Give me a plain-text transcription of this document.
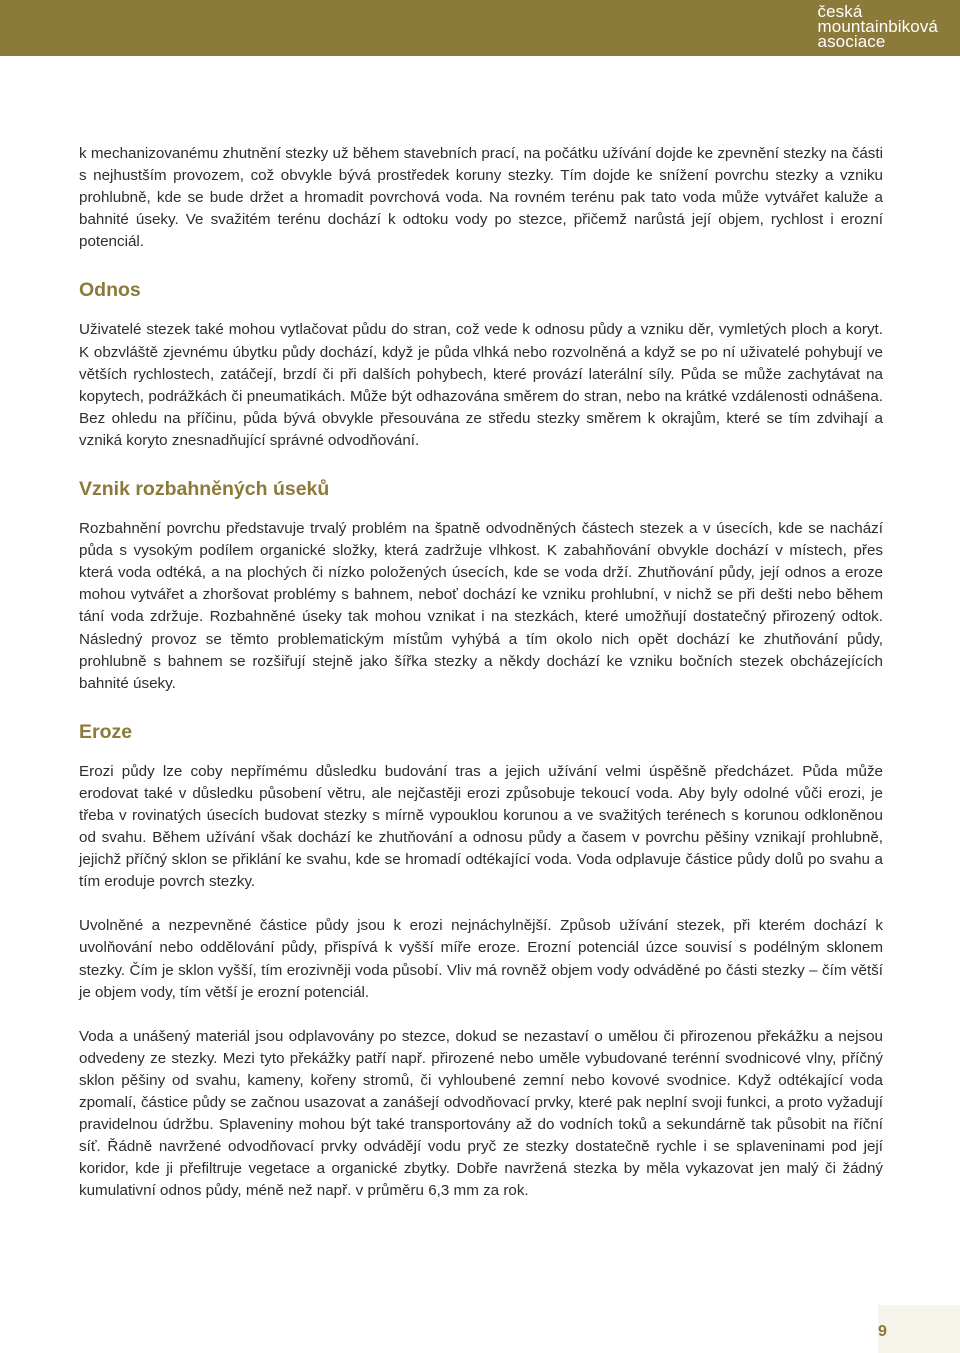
česká
mountainbiková
asociace

k mechanizovanému zhutnění stezky už během stavebních prací, na počátku užívání dojde ke zpevnění stezky na části s nejhustším provozem, což obvykle bývá prostředek koruny stezky. Tím dojde ke snížení povrchu stezky a vzniku prohlubně, kde se bude držet a hromadit povrchová voda. Na rovném terénu pak tato voda může vytvářet kaluže a bahnité úseky. Ve svažitém terénu dochází k odtoku vody po stezce, přičemž narůstá její objem, rychlost i erozní potenciál.

Odnos

Uživatelé stezek také mohou vytlačovat půdu do stran, což vede k odnosu půdy a vzniku děr, vymletých ploch a koryt. K obzvláště zjevnému úbytku půdy dochází, když je půda vlhká nebo rozvolněná a když se po ní uživatelé pohybují ve větších rychlostech, zatáčejí, brzdí či při dalších pohybech, které provází laterální síly. Půda se může zachytávat na kopytech, podrážkách či pneumatikách. Může být odhazována směrem do stran, nebo na krátké vzdálenosti odnášena. Bez ohledu na příčinu, půda bývá obvykle přesouvána ze středu stezky směrem k okrajům, které se tím zdvihají a vzniká koryto znesnadňující správné odvodňování.

Vznik rozbahněných úseků

Rozbahnění povrchu představuje trvalý problém na špatně odvodněných částech stezek a v úsecích, kde se nachází půda s vysokým podílem organické složky, která zadržuje vlhkost. K zabahňování obvykle dochází v místech, přes která voda odtéká, a na plochých či nízko položených úsecích, kde se voda drží. Zhutňování půdy, její odnos a eroze mohou vytvářet a zhoršovat problémy s bahnem, neboť dochází ke vzniku prohlubní, v nichž se při dešti nebo během tání voda zdržuje. Rozbahněné úseky tak mohou vznikat i na stezkách, které umožňují dostatečný přirozený odtok. Následný provoz se těmto problematickým místům vyhýbá a tím okolo nich opět dochází ke zhutňování půdy, prohlubně s bahnem se rozšiřují stejně jako šířka stezky a někdy dochází ke vzniku bočních stezek obcházejících bahnité úseky.

Eroze

Erozi půdy lze coby nepřímému důsledku budování tras a jejich užívání velmi úspěšně předcházet. Půda může erodovat také v důsledku působení větru, ale nejčastěji erozi způsobuje tekoucí voda. Aby byly odolné vůči erozi, je třeba v rovinatých úsecích budovat stezky s mírně vypouklou korunou a ve svažitých terénech s korunou odkloněnou od svahu. Během užívání však dochází ke zhutňování a odnosu půdy a časem v povrchu pěšiny vznikají prohlubně, jejichž příčný sklon se přiklání ke svahu, kde se hromadí odtékající voda. Voda odplavuje částice půdy dolů po svahu a tím eroduje povrch stezky.

Uvolněné a nezpevněné částice půdy jsou k erozi nejnáchylnější. Způsob užívání stezek, při kterém dochází k uvolňování nebo oddělování půdy, přispívá k vyšší míře eroze. Erozní potenciál úzce souvisí s podélným sklonem stezky. Čím je sklon vyšší, tím erozivněji voda působí. Vliv má rovněž objem vody odváděné po části stezky – čím větší je objem vody, tím větší je erozní potenciál.

Voda a unášený materiál jsou odplavovány po stezce, dokud se nezastaví o umělou či přirozenou překážku a nejsou odvedeny ze stezky. Mezi tyto překážky patří např. přirozené nebo uměle vybudované terénní svodnicové vlny, příčný sklon pěšiny od svahu, kameny, kořeny stromů, či vyhloubené zemní nebo kovové svodnice. Když odtékající voda zpomalí, částice půdy se začnou usazovat a zanášejí odvodňovací prvky, které pak neplní svoji funkci, a proto vyžadují pravidelnou údržbu. Splaveniny mohou být také transportovány až do vodních toků a sekundárně tak působit na říční síť. Řádně navržené odvodňovací prvky odvádějí vodu pryč ze stezky dostatečně rychle i se splaveninami pod její koridor, kde ji přefiltruje vegetace a organické zbytky. Dobře navržená stezka by měla vykazovat jen malý či žádný kumulativní odnos půdy, méně než např. v průměru 6,3 mm za rok.

9
